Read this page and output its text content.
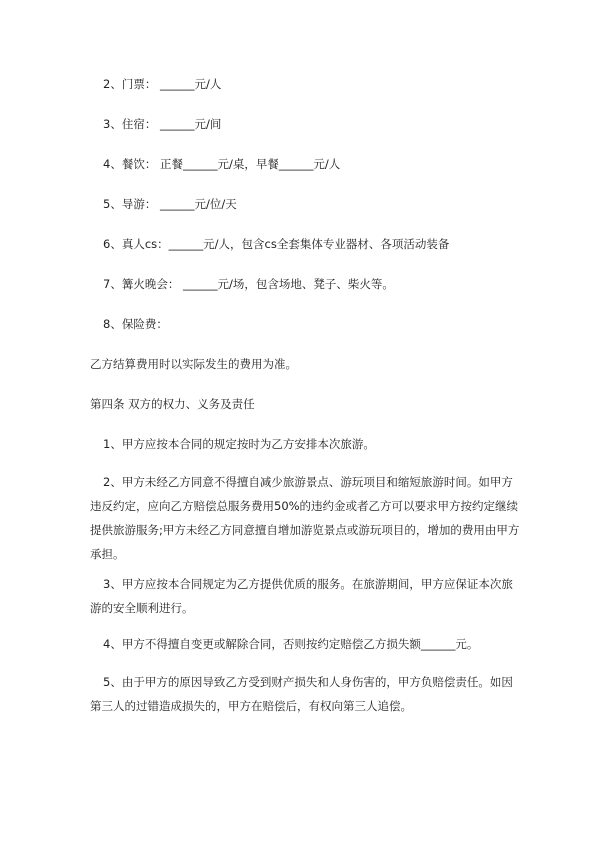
2、门票： ______元/人
3、住宿： ______元/间
4、餐饮： 正餐______元/桌，早餐______元/人
5、导游： ______元/位/天
6、真人cs：______元/人，包含cs全套集体专业器材、各项活动装备
7、篝火晚会： ______元/场，包含场地、凳子、柴火等。
8、保险费：
乙方结算费用时以实际发生的费用为准。
第四条 双方的权力、义务及责任
1、甲方应按本合同的规定按时为乙方安排本次旅游。
2、甲方未经乙方同意不得擅自减少旅游景点、游玩项目和缩短旅游时间。如甲方违反约定，应向乙方赔偿总服务费用50%的违约金或者乙方可以要求甲方按约定继续提供旅游服务;甲方未经乙方同意擅自增加游览景点或游玩项目的，增加的费用由甲方承担。
3、甲方应按本合同规定为乙方提供优质的服务。在旅游期间，甲方应保证本次旅游的安全顺利进行。
4、甲方不得擅自变更或解除合同，否则按约定赔偿乙方损失额______元。
5、由于甲方的原因导致乙方受到财产损失和人身伤害的，甲方负赔偿责任。如因第三人的过错造成损失的，甲方在赔偿后，有权向第三人追偿。
